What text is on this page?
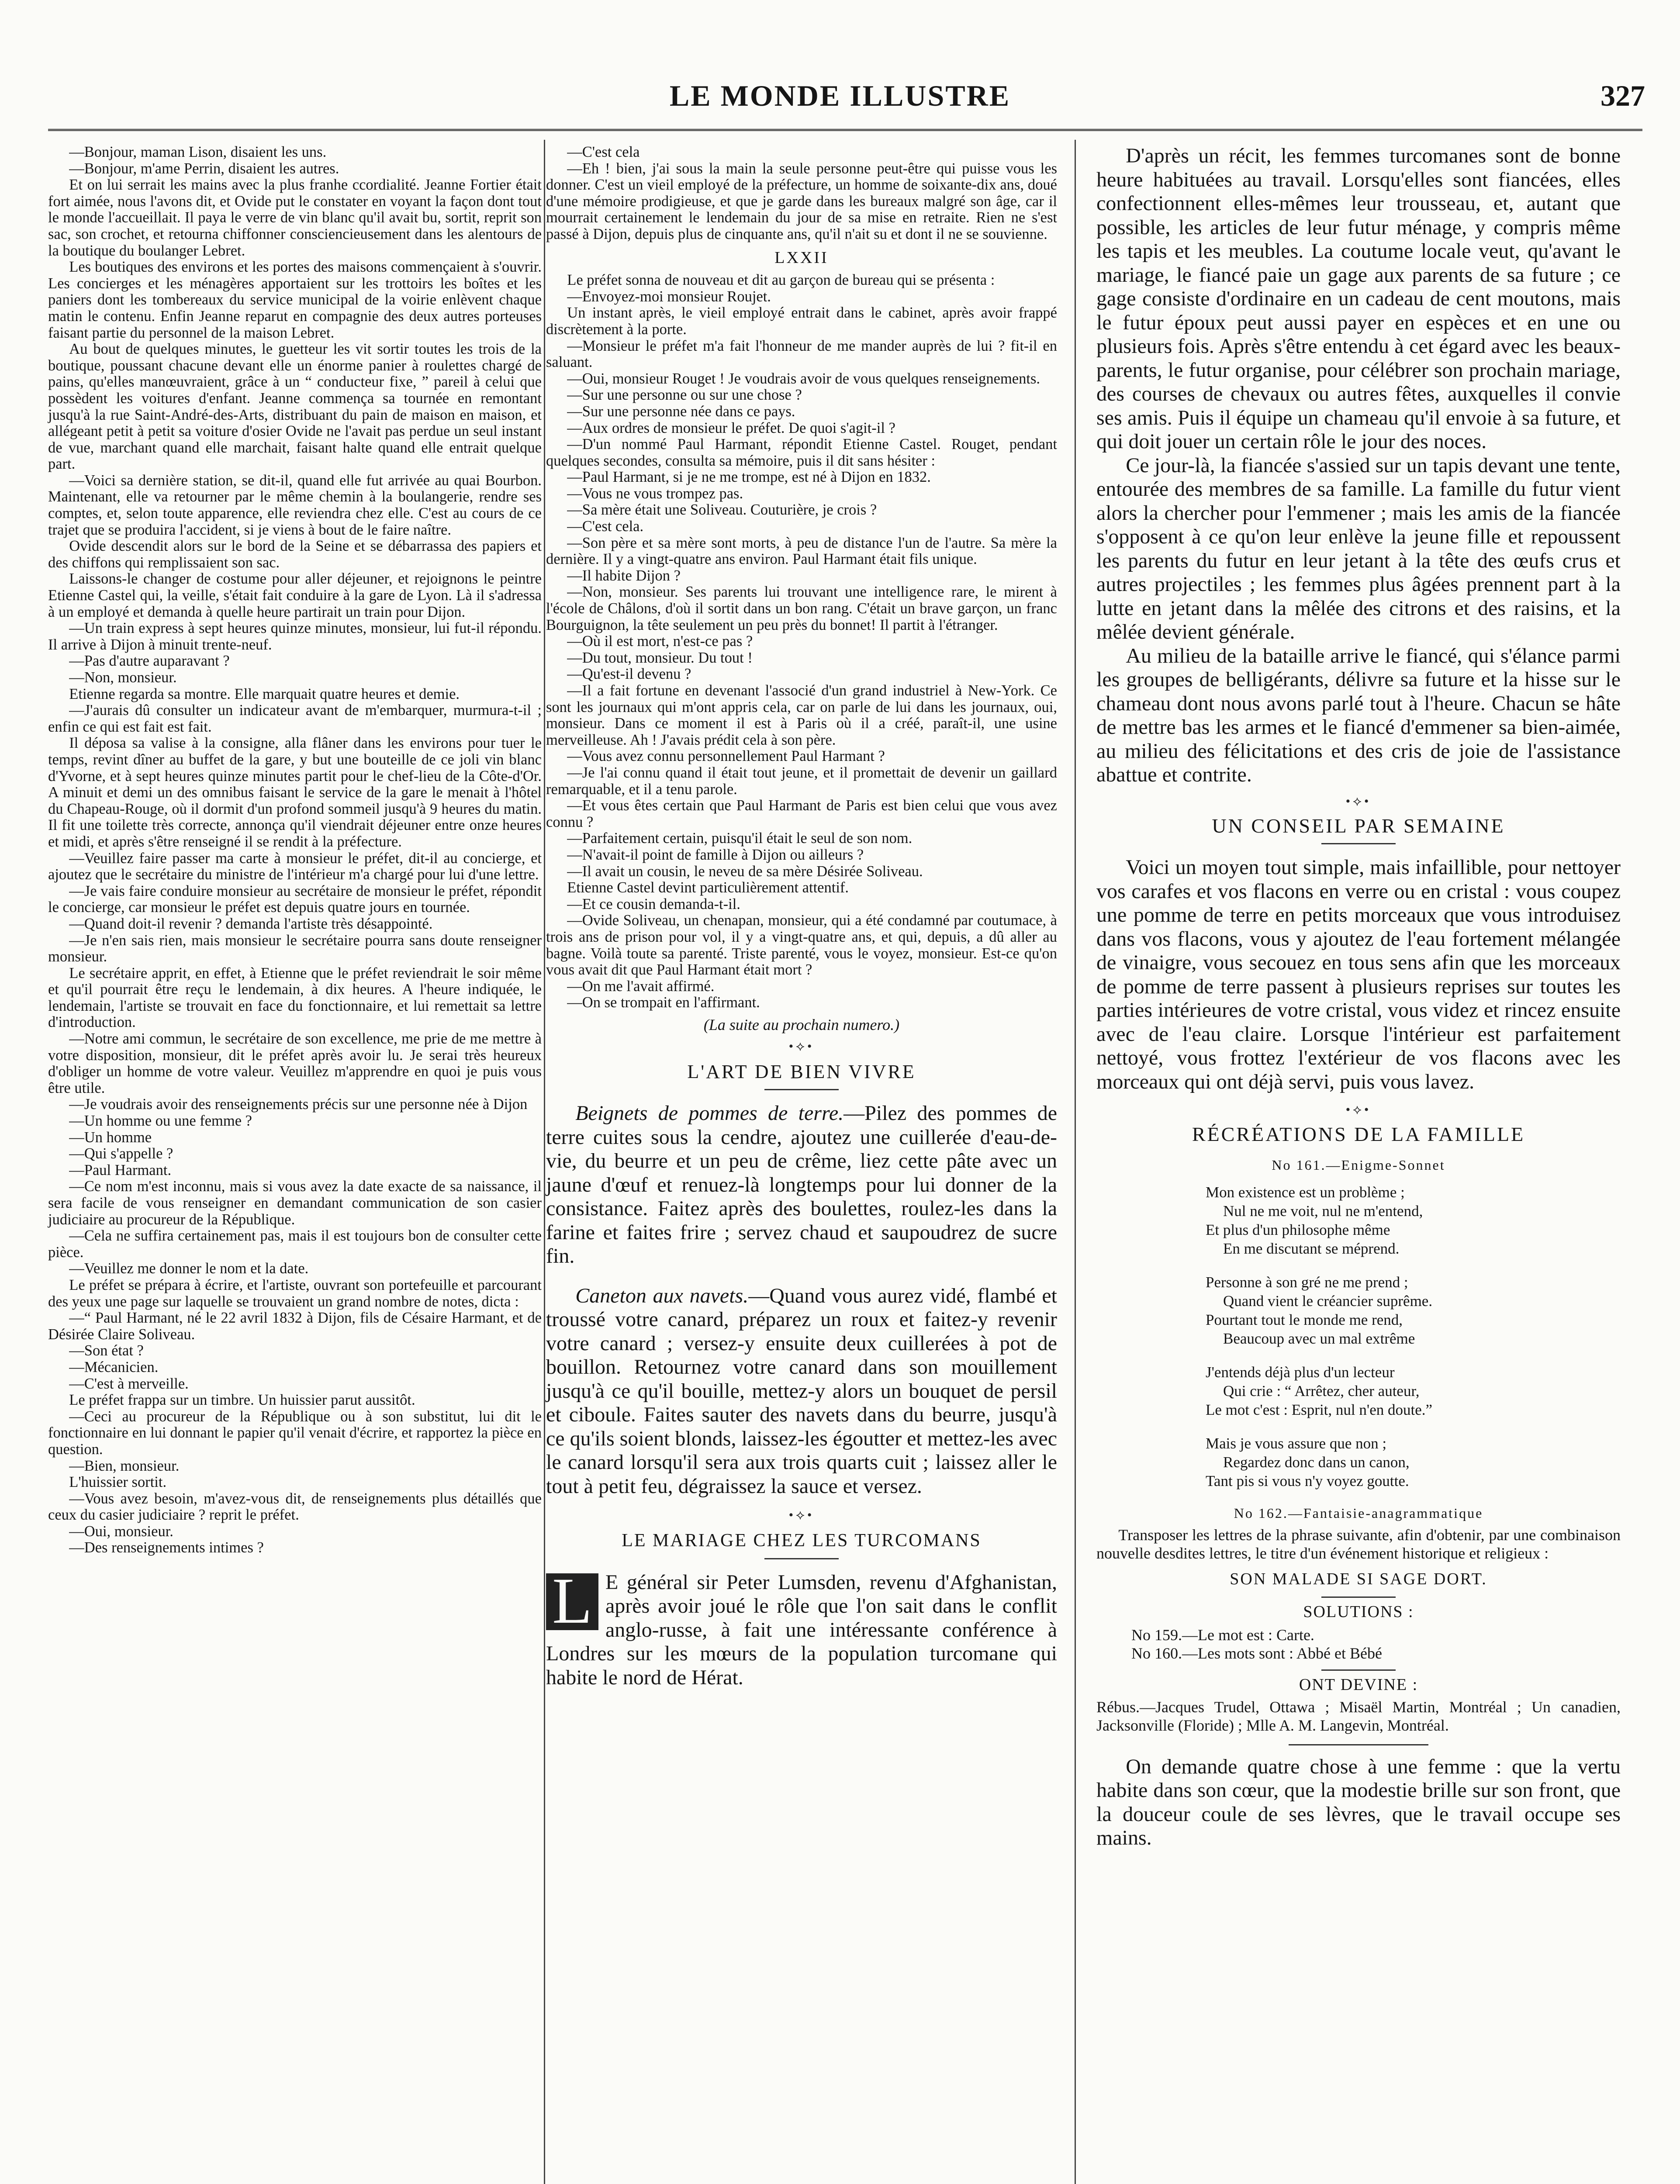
LE MONDE ILLUSTRE	327

—Bonjour, maman Lison, disaient les uns.

—Bonjour, m'ame Perrin, disaient les autres.

Et on lui serrait les mains avec la plus franhe ccordialité. Jeanne Fortier était fort aimée, nous l'avons dit, et Ovide put le constater en voyant la façon dont tout le monde l'accueillait. Il paya le verre de vin blanc qu'il avait bu, sortit, reprit son sac, son crochet, et retourna chiffonner consciencieusement dans les alentours de la boutique du boulanger Lebret.

Les boutiques des environs et les portes des maisons commençaient à s'ouvrir. Les concierges et les ménagères apportaient sur les trottoirs les boîtes et les paniers dont les tombereaux du service municipal de la voirie enlèvent chaque matin le contenu. Enfin Jeanne reparut en compagnie des deux autres porteuses faisant partie du personnel de la maison Lebret.

Au bout de quelques minutes, le guetteur les vit sortir toutes les trois de la boutique, poussant chacune devant elle un énorme panier à roulettes chargé de pains, qu'elles manœuvraient, grâce à un “ conducteur fixe, ” pareil à celui que possèdent les voitures d'enfant. Jeanne commença sa tournée en remontant jusqu'à la rue Saint-André-des-Arts, distribuant du pain de maison en maison, et allégeant petit à petit sa voiture d'osier Ovide ne l'avait pas perdue un seul instant de vue, marchant quand elle marchait, faisant halte quand elle entrait quelque part.

—Voici sa dernière station, se dit-il, quand elle fut arrivée au quai Bourbon. Maintenant, elle va retourner par le même chemin à la boulangerie, rendre ses comptes, et, selon toute apparence, elle reviendra chez elle. C'est au cours de ce trajet que se produira l'accident, si je viens à bout de le faire naître.

Ovide descendit alors sur le bord de la Seine et se débarrassa des papiers et des chiffons qui remplissaient son sac.

Laissons-le changer de costume pour aller déjeuner, et rejoignons le peintre Etienne Castel qui, la veille, s'était fait conduire à la gare de Lyon. Là il s'adressa à un employé et demanda à quelle heure partirait un train pour Dijon.

—Un train express à sept heures quinze minutes, monsieur, lui fut-il répondu. Il arrive à Dijon à minuit trente-neuf.

—Pas d'autre auparavant ?

—Non, monsieur.

Etienne regarda sa montre. Elle marquait quatre heures et demie.

—J'aurais dû consulter un indicateur avant de m'embarquer, murmura-t-il ; enfin ce qui est fait est fait.

Il déposa sa valise à la consigne, alla flâner dans les environs pour tuer le temps, revint dîner au buffet de la gare, y but une bouteille de ce joli vin blanc d'Yvorne, et à sept heures quinze minutes partit pour le chef-lieu de la Côte-d'Or. A minuit et demi un des omnibus faisant le service de la gare le menait à l'hôtel du Chapeau-Rouge, où il dormit d'un profond sommeil jusqu'à 9 heures du matin. Il fit une toilette très correcte, annonça qu'il viendrait déjeuner entre onze heures et midi, et après s'être renseigné il se rendit à la préfecture.

—Veuillez faire passer ma carte à monsieur le préfet, dit-il au concierge, et ajoutez que le secrétaire du ministre de l'intérieur m'a chargé pour lui d'une lettre.

—Je vais faire conduire monsieur au secrétaire de monsieur le préfet, répondit le concierge, car monsieur le préfet est depuis quatre jours en tournée.

—Quand doit-il revenir ? demanda l'artiste très désappointé.

—Je n'en sais rien, mais monsieur le secrétaire pourra sans doute renseigner monsieur.

Le secrétaire apprit, en effet, à Etienne que le préfet reviendrait le soir même et qu'il pourrait être reçu le lendemain, à dix heures. A l'heure indiquée, le lendemain, l'artiste se trouvait en face du fonctionnaire, et lui remettait sa lettre d'introduction.

—Notre ami commun, le secrétaire de son excellence, me prie de me mettre à votre disposition, monsieur, dit le préfet après avoir lu. Je serai très heureux d'obliger un homme de votre valeur. Veuillez m'apprendre en quoi je puis vous être utile.

—Je voudrais avoir des renseignements précis sur une personne née à Dijon

—Un homme ou une femme ?

—Un homme

—Qui s'appelle ?

—Paul Harmant.

—Ce nom m'est inconnu, mais si vous avez la date exacte de sa naissance, il sera facile de vous renseigner en demandant communication de son casier judiciaire au procureur de la République.

—Cela ne suffira certainement pas, mais il est toujours bon de consulter cette pièce.

—Veuillez me donner le nom et la date.

Le préfet se prépara à écrire, et l'artiste, ouvrant son portefeuille et parcourant des yeux une page sur laquelle se trouvaient un grand nombre de notes, dicta :

—“ Paul Harmant, né le 22 avril 1832 à Dijon, fils de Césaire Harmant, et de Désirée Claire Soliveau.

—Son état ?

—Mécanicien.

—C'est à merveille.

Le préfet frappa sur un timbre. Un huissier parut aussitôt.

—Ceci au procureur de la République ou à son substitut, lui dit le fonctionnaire en lui donnant le papier qu'il venait d'écrire, et rapportez la pièce en question.

—Bien, monsieur.

L'huissier sortit.

—Vous avez besoin, m'avez-vous dit, de renseignements plus détaillés que ceux du casier judiciaire ? reprit le préfet.

—Oui, monsieur.

—Des renseignements intimes ?

—C'est cela

—Eh ! bien, j'ai sous la main la seule personne peut-être qui puisse vous les donner. C'est un vieil employé de la préfecture, un homme de soixante-dix ans, doué d'une mémoire prodigieuse, et que je garde dans les bureaux malgré son âge, car il mourrait certainement le lendemain du jour de sa mise en retraite. Rien ne s'est passé à Dijon, depuis plus de cinquante ans, qu'il n'ait su et dont il ne se souvienne.

LXXII

Le préfet sonna de nouveau et dit au garçon de bureau qui se présenta :

—Envoyez-moi monsieur Roujet.

Un instant après, le vieil employé entrait dans le cabinet, après avoir frappé discrètement à la porte.

—Monsieur le préfet m'a fait l'honneur de me mander auprès de lui ? fit-il en saluant.

—Oui, monsieur Rouget ! Je voudrais avoir de vous quelques renseignements.

—Sur une personne ou sur une chose ?

—Sur une personne née dans ce pays.

—Aux ordres de monsieur le préfet. De quoi s'agit-il ?

—D'un nommé Paul Harmant, répondit Etienne Castel. Rouget, pendant quelques secondes, consulta sa mémoire, puis il dit sans hésiter :

—Paul Harmant, si je ne me trompe, est né à Dijon en 1832.

—Vous ne vous trompez pas.

—Sa mère était une Soliveau. Couturière, je crois ?

—C'est cela.

—Son père et sa mère sont morts, à peu de distance l'un de l'autre. Sa mère la dernière. Il y a vingt-quatre ans environ. Paul Harmant était fils unique.

—Il habite Dijon ?

—Non, monsieur. Ses parents lui trouvant une intelligence rare, le mirent à l'école de Châlons, d'où il sortit dans un bon rang. C'était un brave garçon, un franc Bourguignon, la tête seulement un peu près du bonnet! Il partit à l'étranger.

—Où il est mort, n'est-ce pas ?

—Du tout, monsieur. Du tout !

—Qu'est-il devenu ?

—Il a fait fortune en devenant l'associé d'un grand industriel à New-York. Ce sont les journaux qui m'ont appris cela, car on parle de lui dans les journaux, oui, monsieur. Dans ce moment il est à Paris où il a créé, paraît-il, une usine merveilleuse. Ah ! J'avais prédit cela à son père.

—Vous avez connu personnellement Paul Harmant ?

—Je l'ai connu quand il était tout jeune, et il promettait de devenir un gaillard remarquable, et il a tenu parole.

—Et vous êtes certain que Paul Harmant de Paris est bien celui que vous avez connu ?

—Parfaitement certain, puisqu'il était le seul de son nom.

—N'avait-il point de famille à Dijon ou ailleurs ?

—Il avait un cousin, le neveu de sa mère Désirée Soliveau.

Etienne Castel devint particulièrement attentif.

—Et ce cousin demanda-t-il.

—Ovide Soliveau, un chenapan, monsieur, qui a été condamné par coutumace, à trois ans de prison pour vol, il y a vingt-quatre ans, et qui, depuis, a dû aller au bagne. Voilà toute sa parenté. Triste parenté, vous le voyez, monsieur. Est-ce qu'on vous avait dit que Paul Harmant était mort ?

—On me l'avait affirmé.

—On se trompait en l'affirmant.

(La suite au prochain numero.)

•⟡•

L'ART DE BIEN VIVRE

Beignets de pommes de terre.—Pilez des pommes de terre cuites sous la cendre, ajoutez une cuillerée d'eau-de-vie, du beurre et un peu de crême, liez cette pâte avec un jaune d'œuf et renuez-là longtemps pour lui donner de la consistance. Faitez après des boulettes, roulez-les dans la farine et faites frire ; servez chaud et saupoudrez de sucre fin.

Caneton aux navets.—Quand vous aurez vidé, flambé et troussé votre canard, préparez un roux et faitez-y revenir votre canard ; versez-y ensuite deux cuillerées à pot de bouillon. Retournez votre canard dans son mouillement jusqu'à ce qu'il bouille, mettez-y alors un bouquet de persil et ciboule. Faites sauter des navets dans du beurre, jusqu'à ce qu'ils soient blonds, laissez-les égoutter et mettez-les avec le canard lorsqu'il sera aux trois quarts cuit ; laissez aller le tout à petit feu, dégraissez la sauce et versez.

•⟡•

LE MARIAGE CHEZ LES TURCOMANS

L E général sir Peter Lumsden, revenu d'Afghanistan, après avoir joué le rôle que l'on sait dans le conflit anglo-russe, à fait une intéressante conférence à Londres sur les mœurs de la population turcomane qui habite le nord de Hérat.

D'après un récit, les femmes turcomanes sont de bonne heure habituées au travail. Lorsqu'elles sont fiancées, elles confectionnent elles-mêmes leur trousseau, et, autant que possible, les articles de leur futur ménage, y compris même les tapis et les meubles. La coutume locale veut, qu'avant le mariage, le fiancé paie un gage aux parents de sa future ; ce gage consiste d'ordinaire en un cadeau de cent moutons, mais le futur époux peut aussi payer en espèces et en une ou plusieurs fois. Après s'être entendu à cet égard avec les beaux-parents, le futur organise, pour célébrer son prochain mariage, des courses de chevaux ou autres fêtes, auxquelles il convie ses amis. Puis il équipe un chameau qu'il envoie à sa future, et qui doit jouer un certain rôle le jour des noces.

Ce jour-là, la fiancée s'assied sur un tapis devant une tente, entourée des membres de sa famille. La famille du futur vient alors la chercher pour l'emmener ; mais les amis de la fiancée s'opposent à ce qu'on leur enlève la jeune fille et repoussent les parents du futur en leur jetant à la tête des œufs crus et autres projectiles ; les femmes plus âgées prennent part à la lutte en jetant dans la mêlée des citrons et des raisins, et la mêlée devient générale.

Au milieu de la bataille arrive le fiancé, qui s'élance parmi les groupes de belligérants, délivre sa future et la hisse sur le chameau dont nous avons parlé tout à l'heure. Chacun se hâte de mettre bas les armes et le fiancé d'emmener sa bien-aimée, au milieu des félicitations et des cris de joie de l'assistance abattue et contrite.

•⟡•

UN CONSEIL PAR SEMAINE

Voici un moyen tout simple, mais infaillible, pour nettoyer vos carafes et vos flacons en verre ou en cristal : vous coupez une pomme de terre en petits morceaux que vous introduisez dans vos flacons, vous y ajoutez de l'eau fortement mélangée de vinaigre, vous secouez en tous sens afin que les morceaux de pomme de terre passent à plusieurs reprises sur toutes les parties intérieures de votre cristal, vous videz et rincez ensuite avec de l'eau claire. Lorsque l'intérieur est parfaitement nettoyé, vous frottez l'extérieur de vos flacons avec les morceaux qui ont déjà servi, puis vous lavez.

•⟡•

RÉCRÉATIONS DE LA FAMILLE

No 161.—Enigme-Sonnet

Mon existence est un problème ;
Nul ne me voit, nul ne m'entend,
Et plus d'un philosophe même
En me discutant se méprend.
Personne à son gré ne me prend ;
Quand vient le créancier suprême.
Pourtant tout le monde me rend,
Beaucoup avec un mal extrême
J'entends déjà plus d'un lecteur
Qui crie : “ Arrêtez, cher auteur,
Le mot c'est : Esprit, nul n'en doute.”
Mais je vous assure que non ;
Regardez donc dans un canon,
Tant pis si vous n'y voyez goutte.

No 162.—Fantaisie-anagrammatique

Transposer les lettres de la phrase suivante, afin d'obtenir, par une combinaison nouvelle desdites lettres, le titre d'un événement historique et religieux :

SON MALADE SI SAGE DORT.

SOLUTIONS :

No 159.—Le mot est : Carte.
No 160.—Les mots sont : Abbé et Bébé

ONT DEVINE :

Rébus.—Jacques Trudel, Ottawa ; Misaël Martin, Montréal ; Un canadien, Jacksonville (Floride) ; Mlle A. M. Langevin, Montréal.

On demande quatre chose à une femme : que la vertu habite dans son cœur, que la modestie brille sur son front, que la douceur coule de ses lèvres, que le travail occupe ses mains.
